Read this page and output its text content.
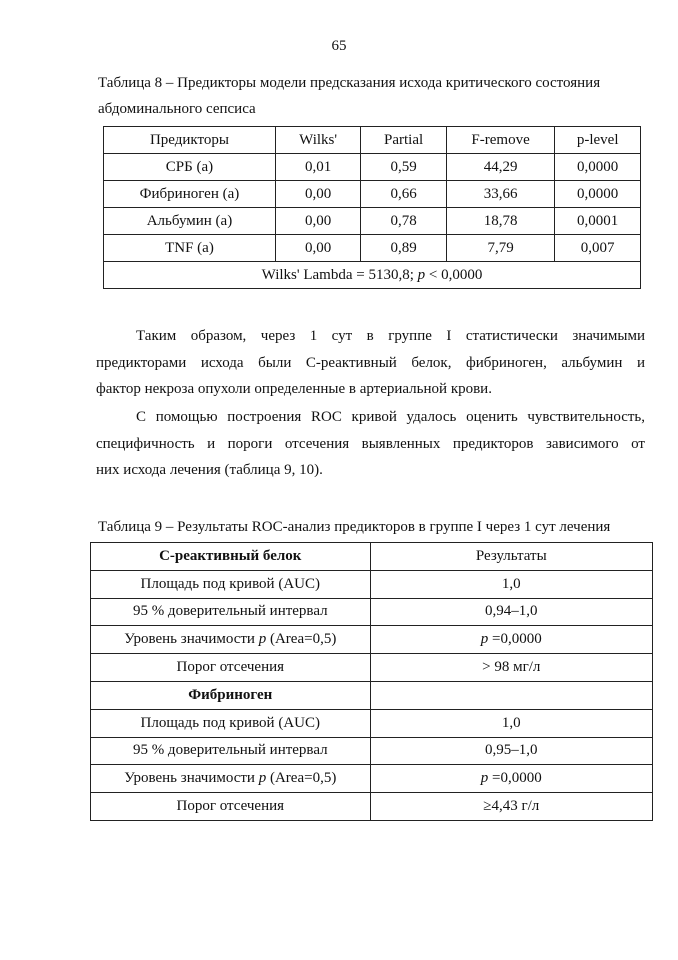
65
Таблица 8 – Предикторы модели предсказания исхода критического состояния
абдоминального сепсиса
Предикторы	Wilks'	Partial	F-remove	p-level
СРБ (а)	0,01	0,59	44,29	0,0000
Фибриноген (а)	0,00	0,66	33,66	0,0000
Альбумин (а)	0,00	0,78	18,78	0,0001
TNF (a)	0,00	0,89	7,79	0,007
Wilks' Lambda = 5130,8; p < 0,0000				
Таким образом, через 1 сут в группе I статистически значимыми
предикторами исхода были С-реактивный белок, фибриноген, альбумин и
фактор некроза опухоли определенные в артериальной крови.
С помощью построения ROC кривой удалось оценить чувствительность,
специфичность и пороги отсечения выявленных предикторов зависимого от
них исхода лечения (таблица 9, 10).
Таблица 9 – Результаты ROC-анализ предикторов в группе I через 1 сут лечения
С-реактивный белок	Результаты
Площадь под кривой (AUC)	1,0
95 % доверительный интервал	0,94–1,0
Уровень значимости p (Area=0,5)	p =0,0000
Порог отсечения	> 98 мг/л
Фибриноген	
Площадь под кривой (AUC)	1,0
95 % доверительный интервал	0,95–1,0
Уровень значимости p (Area=0,5)	p =0,0000
Порог отсечения	≥4,43 г/л
